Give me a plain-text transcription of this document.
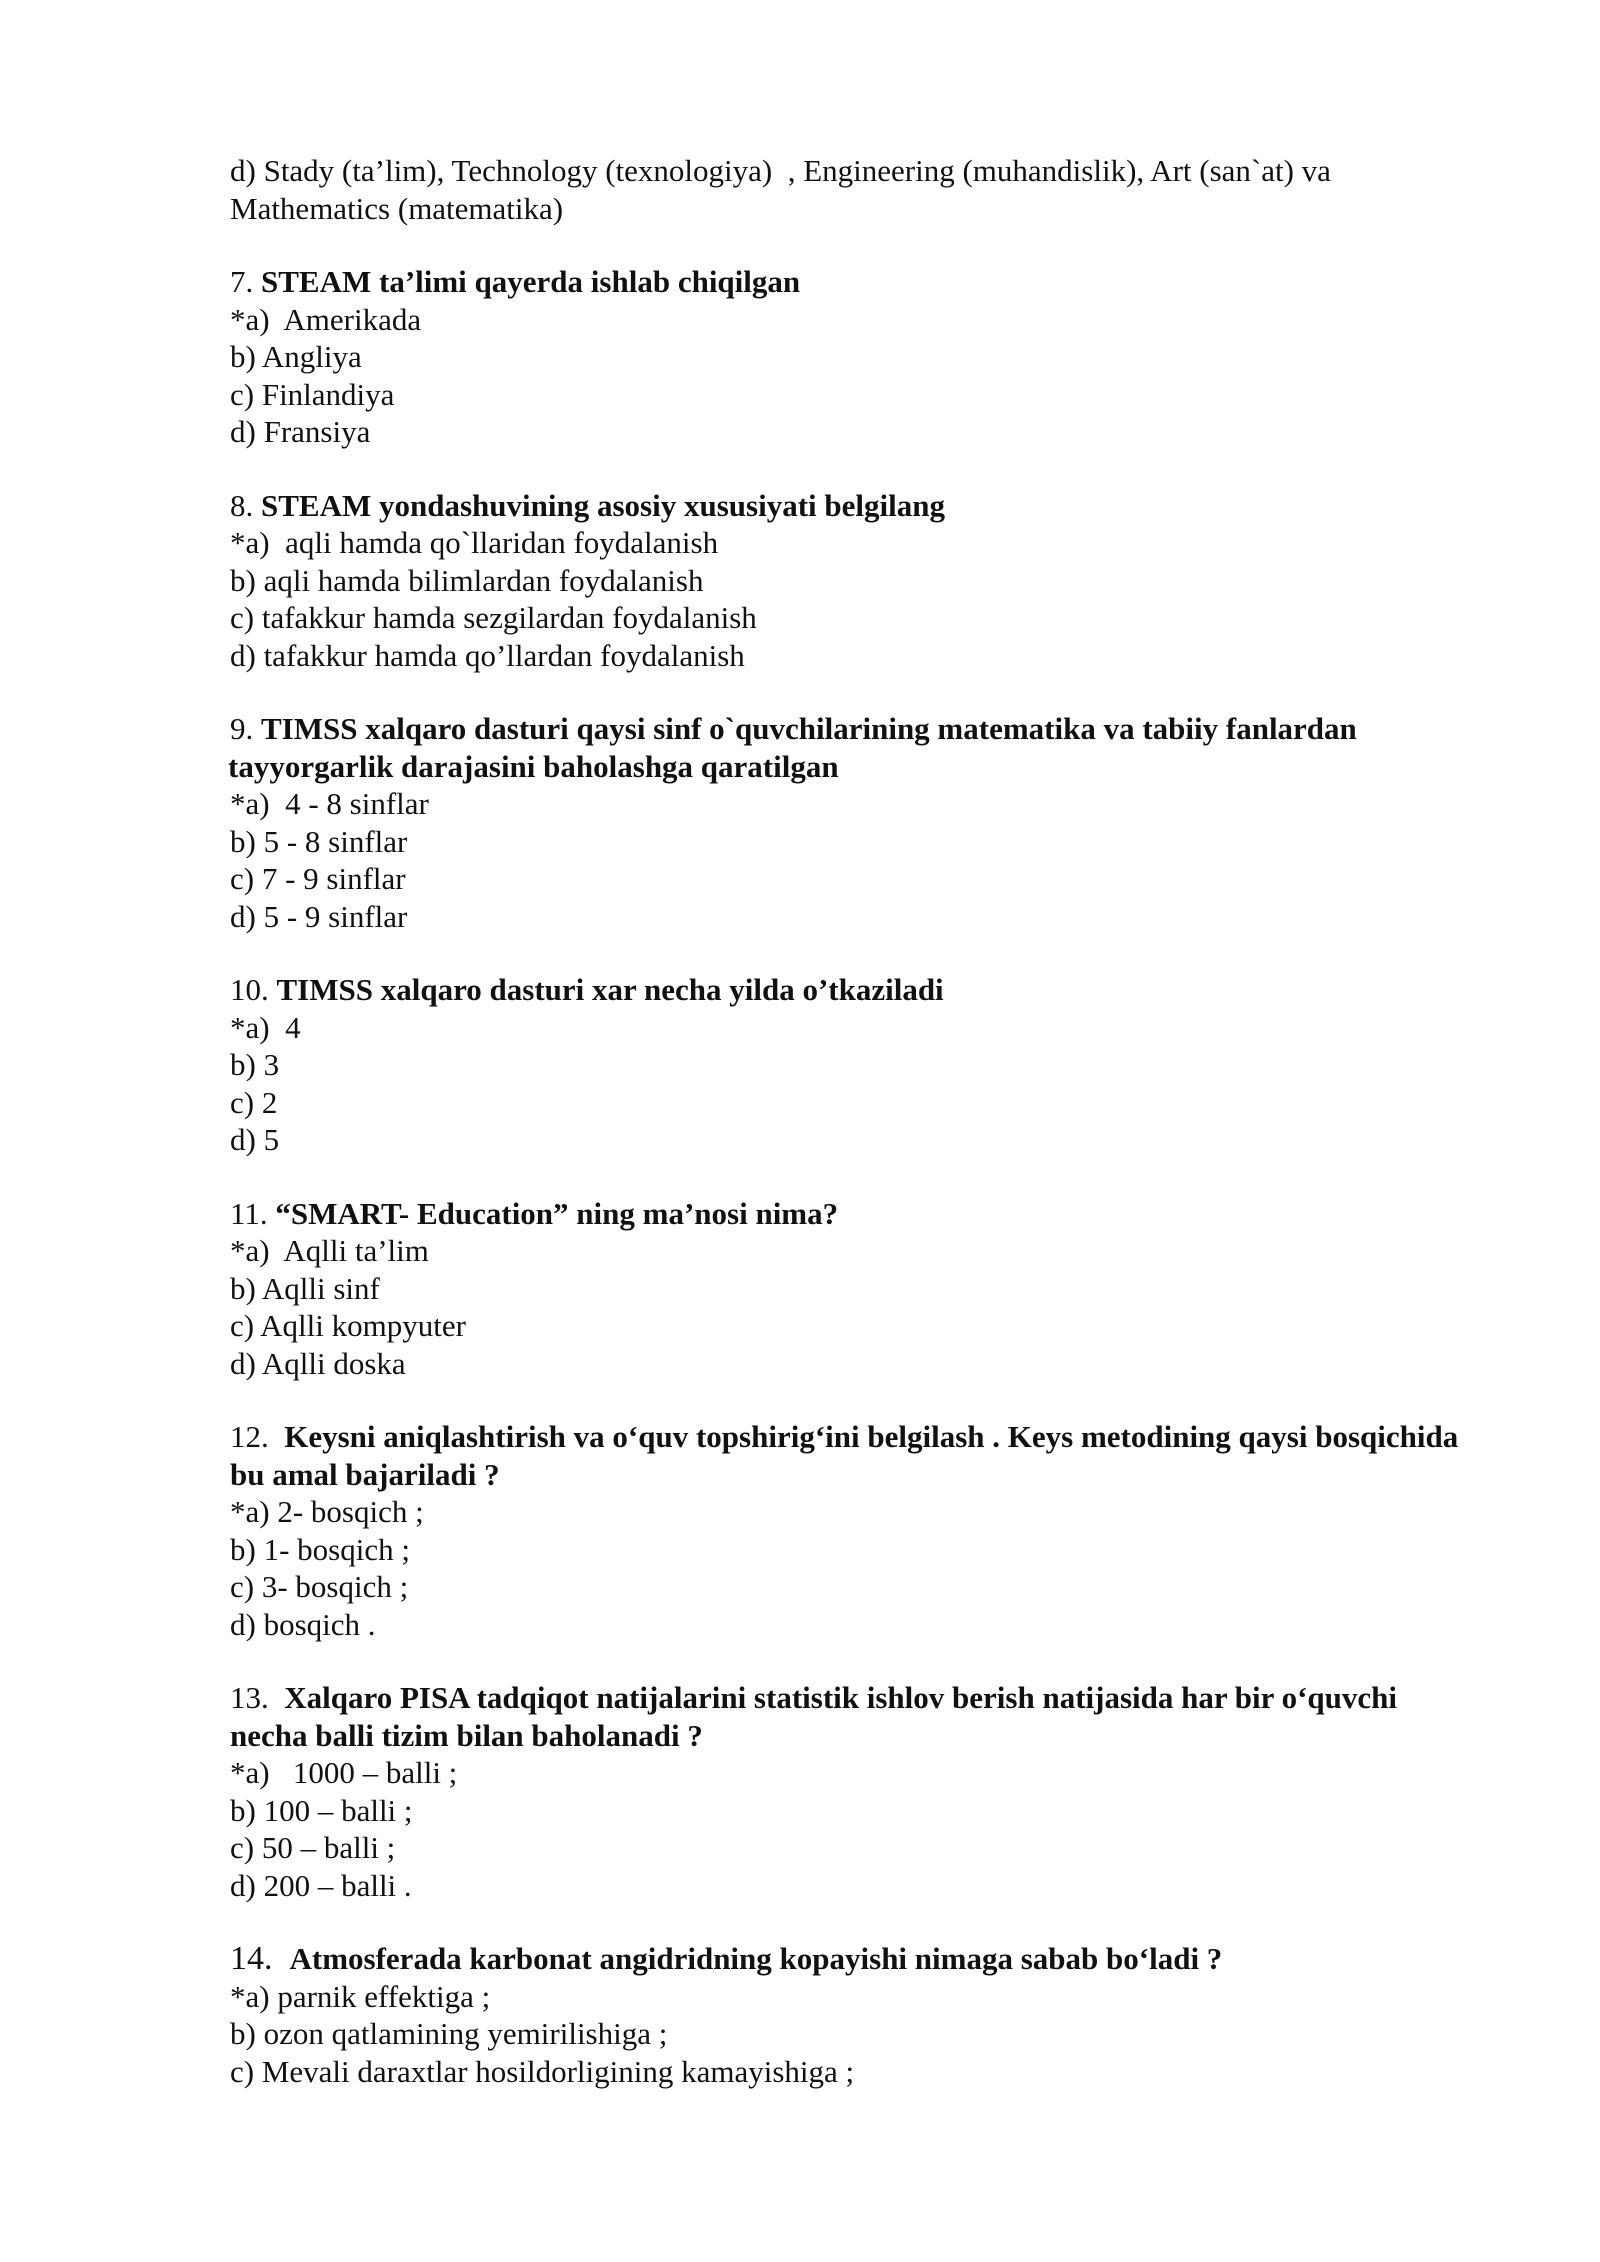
d) Stady (ta’lim), Technology (texnologiya)  , Engineering (muhandislik), Art (san`at) va
Mathematics (matematika)
7. STEAM ta’limi qayerda ishlab chiqilgan
*a)  Amerikada
b) Angliya
c) Finlandiya
d) Fransiya
8. STEAM yondashuvining asosiy xususiyati belgilang
*a)  aqli hamda qo`llaridan foydalanish
b) aqli hamda bilimlardan foydalanish
c) tafakkur hamda sezgilardan foydalanish
d) tafakkur hamda qo’llardan foydalanish
9. TIMSS xalqaro dasturi qaysi sinf o`quvchilarining matematika va tabiiy fanlardan tayyorgarlik darajasini baholashga qaratilgan
*a)  4 - 8 sinflar
b) 5 - 8 sinflar
c) 7 - 9 sinflar
d) 5 - 9 sinflar
10. TIMSS xalqaro dasturi xar necha yilda o’tkaziladi
*a)  4
b) 3
c) 2
d) 5
11. “SMART- Education” ning ma’nosi nima?
*a)  Aqlli ta’lim
b) Aqlli sinf
c) Aqlli kompyuter
d) Aqlli doska
12.  Keysni aniqlashtirish va o‘quv topshirig‘ini belgilash . Keys metodining qaysi bosqichida bu amal bajariladi ?
*a) 2- bosqich ;
b) 1- bosqich ;
c) 3- bosqich ;
d) bosqich .
13.  Xalqaro PISA tadqiqot natijalarini statistik ishlov berish natijasida har bir o‘quvchi necha balli tizim bilan baholanadi ?
*a)   1000 – balli ;
b) 100 – balli ;
c) 50 – balli ;
d) 200 – balli .
14. Atmosferada karbonat angidridning kopayishi nimaga sabab bo‘ladi ?
*a) parnik effektiga ;
b) ozon qatlamining yemirilishiga ;
c) Mevali daraxtlar hosildorligining kamayishiga ;
